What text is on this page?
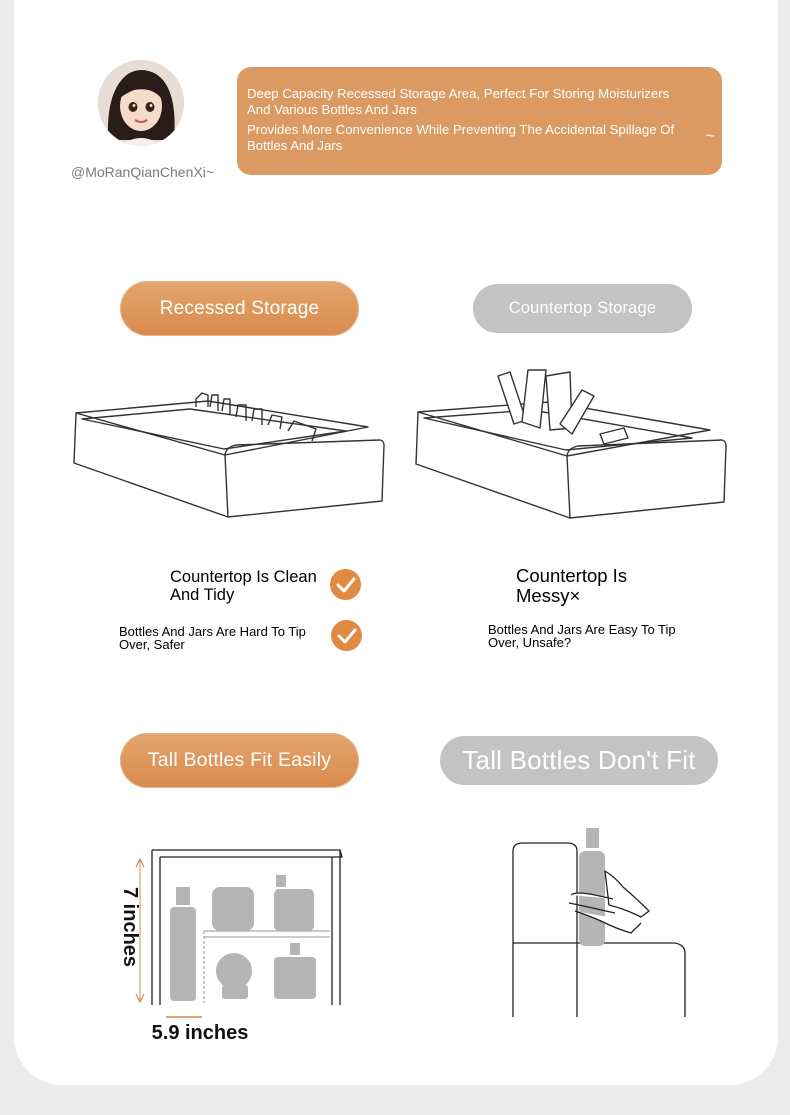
@MoRanQianChenXi~

Deep Capacity Recessed Storage Area, Perfect For Storing Moisturizers And Various Bottles And Jars

Provides More Convenience While Preventing The Accidental Spillage Of Bottles And Jars

~
Recessed Storage	Countertop Storage
Countertop Is Clean And Tidy
Bottles And Jars Are Hard To Tip Over, Safer
Countertop Is Messy×
Bottles And Jars Are Easy To Tip Over, Unsafe?
Tall Bottles Fit Easily	Tall Bottles Don't Fit
7 inches
5.9 inches
